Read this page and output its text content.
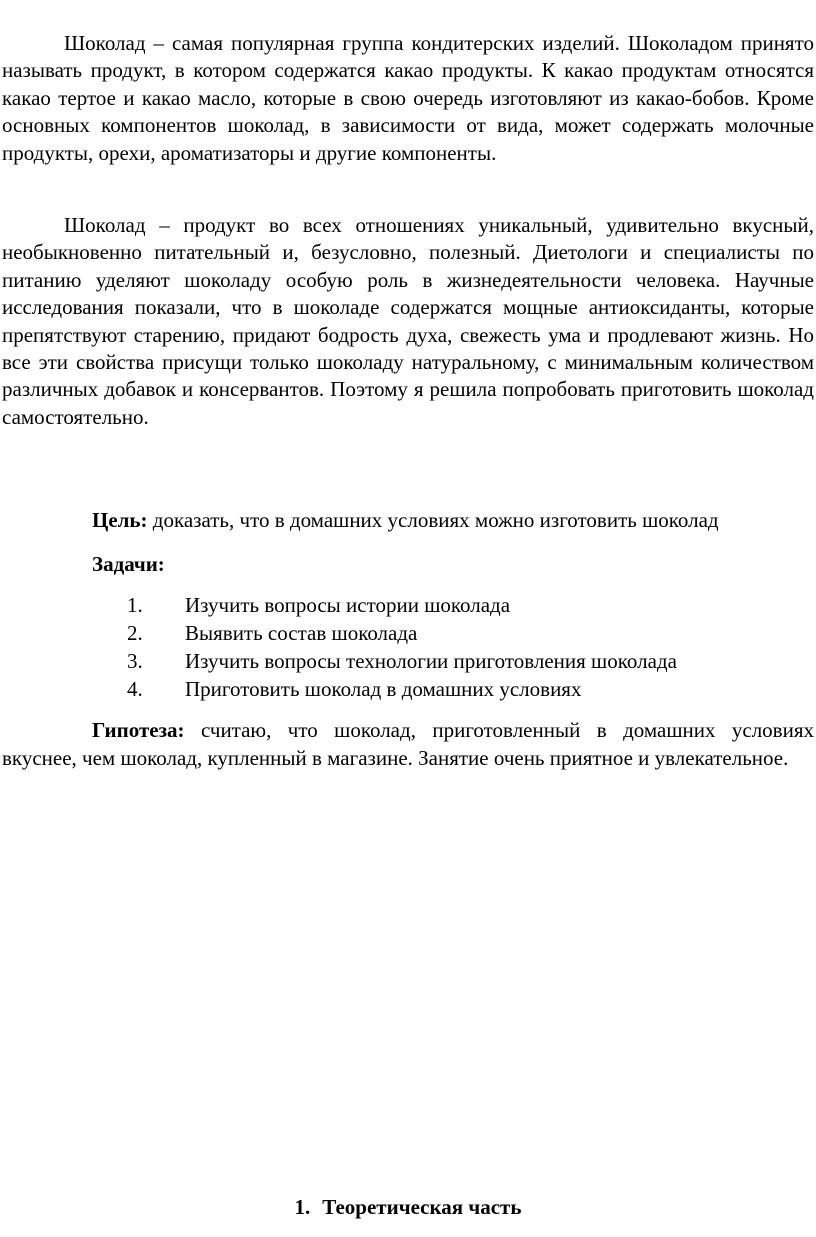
Шоколад – самая популярная группа кондитерских изделий. Шоколадом принято называть продукт, в котором содержатся какао продукты. К какао продуктам относятся какао тертое и какао масло, которые в свою очередь изготовляют из какао-бобов. Кроме основных компонентов шоколад, в зависимости от вида, может содержать молочные продукты, орехи, ароматизаторы и другие компоненты.

Шоколад – продукт во всех отношениях уникальный, удивительно вкусный, необыкновенно питательный и, безусловно, полезный. Диетологи и специалисты по питанию уделяют шоколаду особую роль в жизнедеятельности человека. Научные исследования показали, что в шоколаде содержатся мощные антиоксиданты, которые препятствуют старению, придают бодрость духа, свежесть ума и продлевают жизнь. Но все эти свойства присущи только шоколаду натуральному, с минимальным количеством различных добавок и консервантов. Поэтому я решила попробовать приготовить шоколад самостоятельно.

Цель: доказать, что в домашних условиях можно изготовить шоколад

Задачи:

1. Изучить вопросы истории шоколада
2. Выявить состав шоколада
3. Изучить вопросы технологии приготовления шоколада
4. Приготовить шоколад в домашних условиях

Гипотеза: считаю, что шоколад, приготовленный в домашних условиях вкуснее, чем шоколад, купленный в магазине. Занятие очень приятное и увлекательное.

1. Теоретическая часть
